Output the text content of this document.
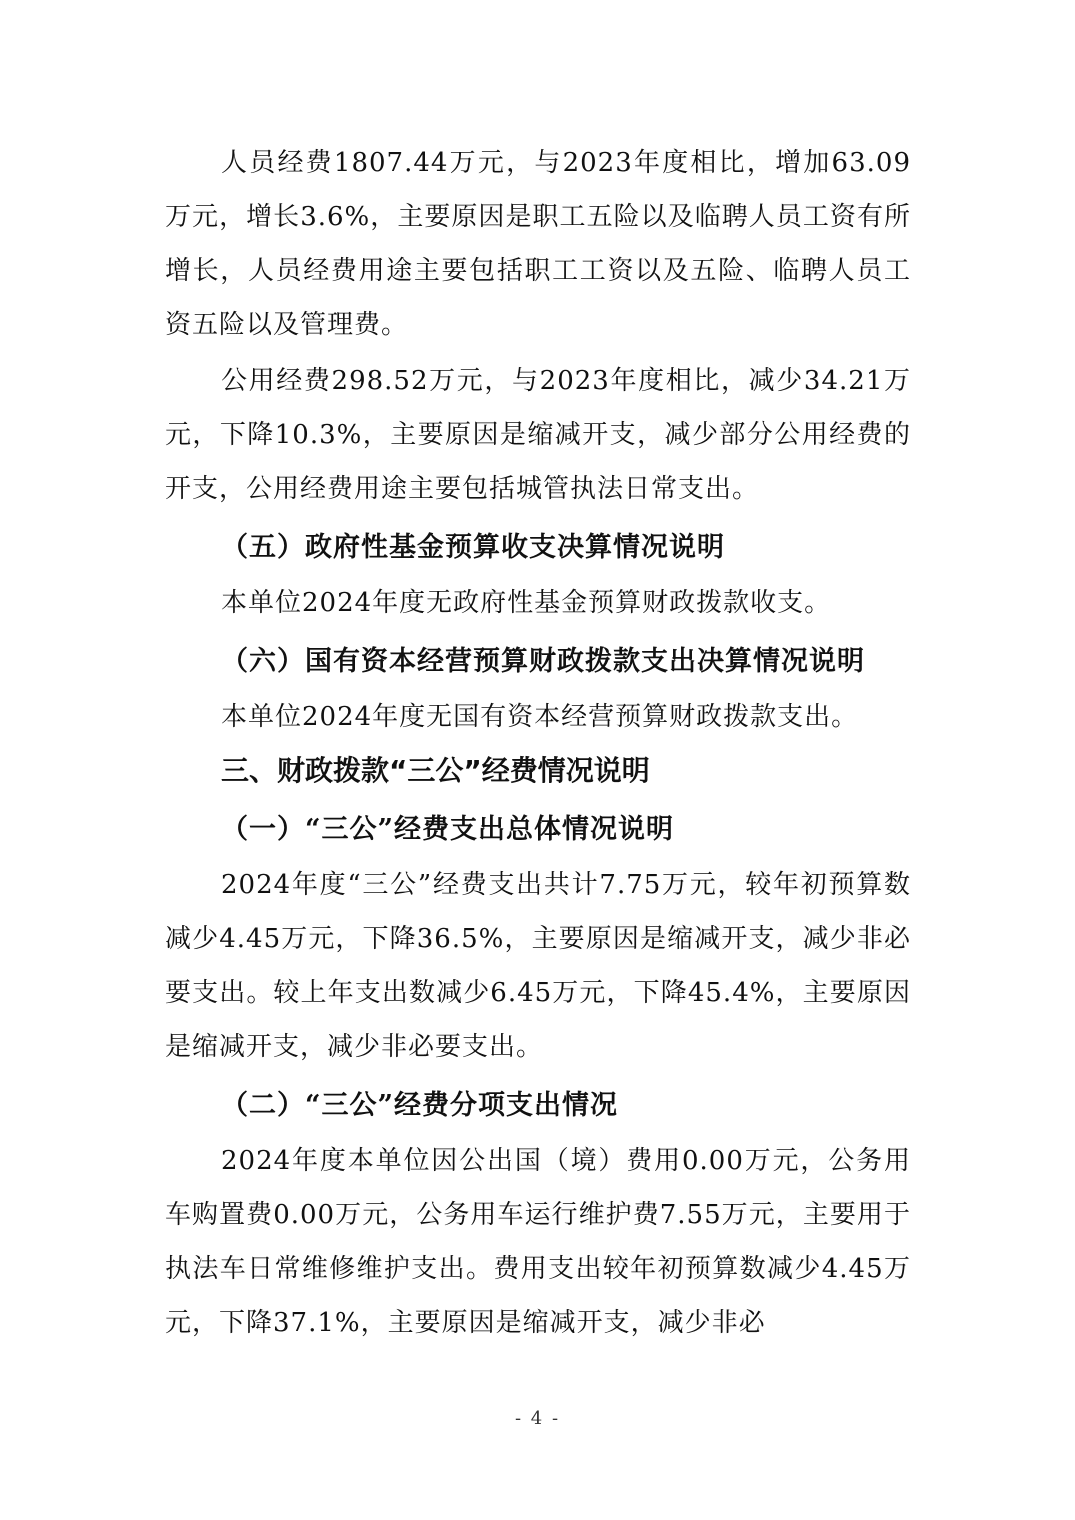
人员经费1807.44万元，与2023年度相比，增加63.09万元，增长3.6%，主要原因是职工五险以及临聘人员工资有所增长，人员经费用途主要包括职工工资以及五险、临聘人员工资五险以及管理费。

公用经费298.52万元，与2023年度相比，减少34.21万元，下降10.3%，主要原因是缩减开支，减少部分公用经费的开支，公用经费用途主要包括城管执法日常支出。

（五）政府性基金预算收支决算情况说明

本单位2024年度无政府性基金预算财政拨款收支。

（六）国有资本经营预算财政拨款支出决算情况说明

本单位2024年度无国有资本经营预算财政拨款支出。

三、财政拨款“三公”经费情况说明

（一）“三公”经费支出总体情况说明

2024年度“三公”经费支出共计7.75万元，较年初预算数减少4.45万元，下降36.5%，主要原因是缩减开支，减少非必要支出。较上年支出数减少6.45万元，下降45.4%，主要原因是缩减开支，减少非必要支出。

（二）“三公”经费分项支出情况

2024年度本单位因公出国（境）费用0.00万元，公务用车购置费0.00万元，公务用车运行维护费7.55万元，主要用于执法车日常维修维护支出。费用支出较年初预算数减少4.45万元，下降37.1%，主要原因是缩减开支，减少非必

- 4 -
